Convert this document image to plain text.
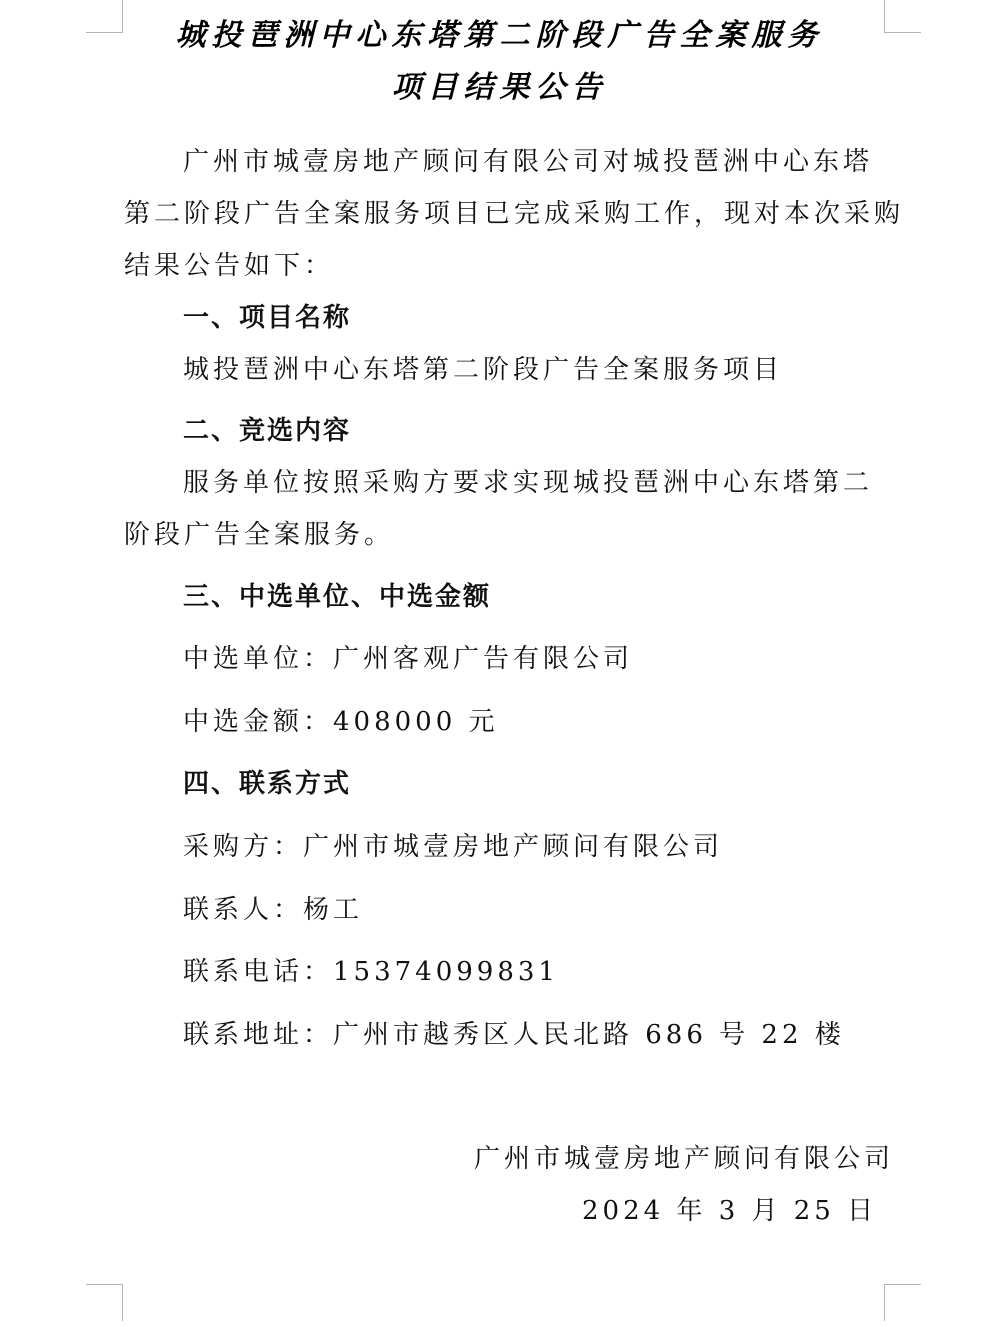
城投琶洲中心东塔第二阶段广告全案服务
项目结果公告
广州市城壹房地产顾问有限公司对城投琶洲中心东塔
第二阶段广告全案服务项目已完成采购工作，现对本次采购
结果公告如下：
一、项目名称
城投琶洲中心东塔第二阶段广告全案服务项目
二、竞选内容
服务单位按照采购方要求实现城投琶洲中心东塔第二
阶段广告全案服务。
三、中选单位、中选金额
中选单位：广州客观广告有限公司
中选金额：408000 元
四、联系方式
采购方：广州市城壹房地产顾问有限公司
联系人：杨工
联系电话：15374099831
联系地址：广州市越秀区人民北路 686 号 22 楼
广州市城壹房地产顾问有限公司
2024 年 3 月 25 日
